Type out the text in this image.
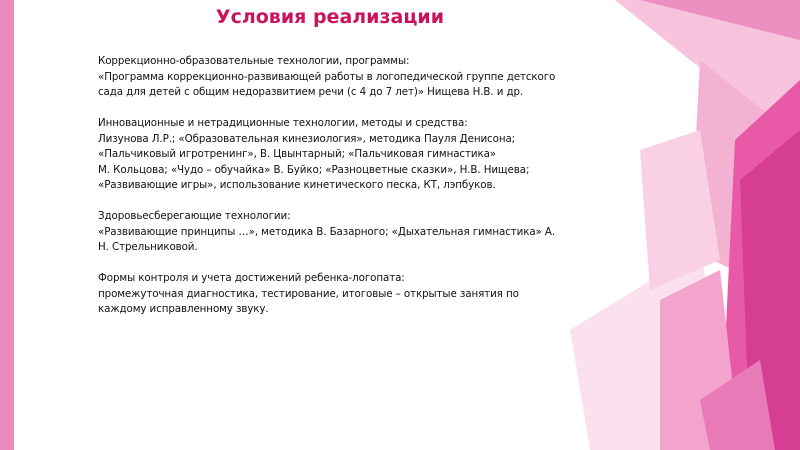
Условия реализации
Коррекционно-образовательные технологии, программы:
«Программа коррекционно-развивающей работы в логопедической группе детского
сада для детей с общим недоразвитием речи (с 4 до 7 лет)» Нищева Н.В. и др.
Инновационные и нетрадиционные технологии, методы и средства:
Лизунова Л.Р.; «Образовательная кинезиология», методика Пауля Денисона;
«Пальчиковый игротренинг», В. Цвынтарный; «Пальчиковая гимнастика»
М. Кольцова; «Чудо – обучайка» В. Буйко; «Разноцветные сказки», Н.В. Нищева;
«Развивающие игры», использование кинетического песка, КТ, лэпбуков.
Здоровьесберегающие технологии:
«Развивающие принципы …», методика В. Базарного; «Дыхательная гимнастика» А.
Н. Стрельниковой.
Формы контроля и учета достижений ребенка-логопата:
промежуточная диагностика, тестирование, итоговые – открытые занятия по
каждому исправленному звуку.
